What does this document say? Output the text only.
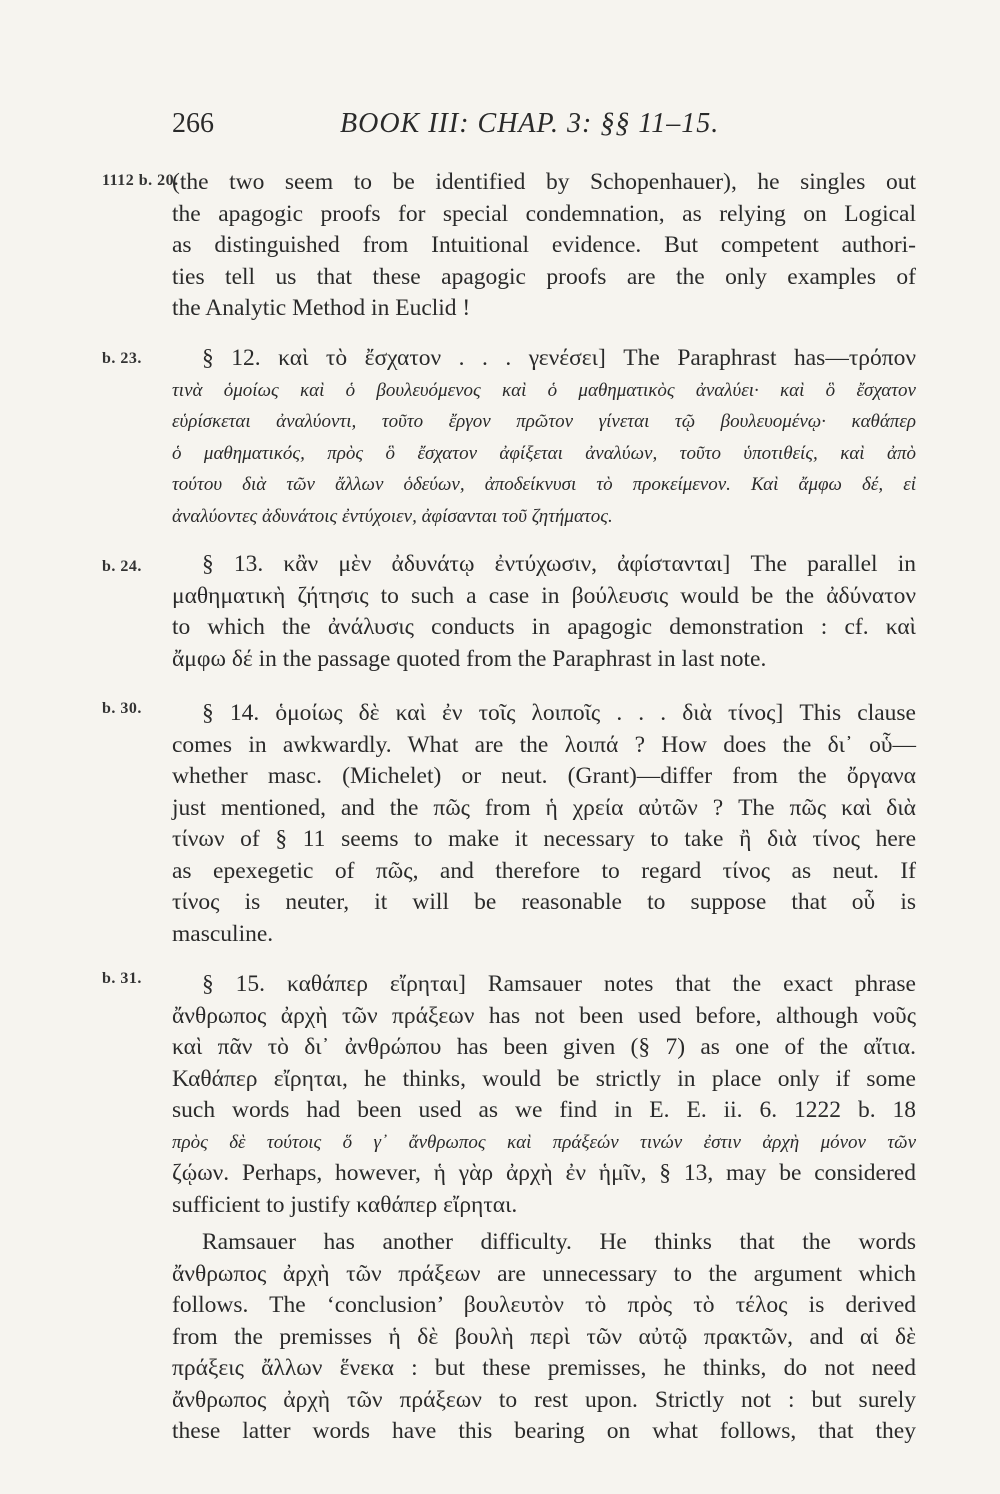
266	BOOK III: CHAP. 3: §§ 11–15.
1112 b. 20.
(the two seem to be identified by Schopenhauer), he singles out
the apagogic proofs for special condemnation, as relying on Logical
as distinguished from Intuitional evidence. But competent authori-
ties tell us that these apagogic proofs are the only examples of
the Analytic Method in Euclid !
b. 23.	§ 12. καὶ τὸ ἔσχατον . . . γενέσει] The Paraphrast has—τρόπον
τινὰ ὁμοίως καὶ ὁ βουλευόμενος καὶ ὁ μαθηματικὸς ἀναλύει· καὶ ὃ ἔσχατον
εὑρίσκεται ἀναλύοντι, τοῦτο ἔργον πρῶτον γίνεται τῷ βουλευομένῳ· καθάπερ
ὁ μαθηματικός, πρὸς ὃ ἔσχατον ἀφίξεται ἀναλύων, τοῦτο ὑποτιθείς, καὶ ἀπὸ
τούτου διὰ τῶν ἄλλων ὁδεύων, ἀποδείκνυσι τὸ προκείμενον. Καὶ ἄμφω δέ, εἰ
ἀναλύοντες ἀδυνάτοις ἐντύχοιεν, ἀφίσανται τοῦ ζητήματος.
b. 24.	§ 13. κἂν μὲν ἀδυνάτῳ ἐντύχωσιν, ἀφίστανται] The parallel in
μαθηματικὴ ζήτησις to such a case in βούλευσις would be the ἀδύνατον
to which the ἀνάλυσις conducts in apagogic demonstration : cf. καὶ
ἄμφω δέ in the passage quoted from the Paraphrast in last note.
b. 30.	§ 14. ὁμοίως δὲ καὶ ἐν τοῖς λοιποῖς . . . διὰ τίνος] This clause
comes in awkwardly. What are the λοιπά ? How does the δι᾽ οὗ—
whether masc. (Michelet) or neut. (Grant)—differ from the ὄργανα
just mentioned, and the πῶς from ἡ χρεία αὐτῶν ? The πῶς καὶ διὰ
τίνων of § 11 seems to make it necessary to take ἢ διὰ τίνος here
as epexegetic of πῶς, and therefore to regard τίνος as neut. If
τίνος is neuter, it will be reasonable to suppose that οὗ is
masculine.
b. 31.	§ 15. καθάπερ εἴρηται] Ramsauer notes that the exact phrase
ἄνθρωπος ἀρχὴ τῶν πράξεων has not been used before, although νοῦς
καὶ πᾶν τὸ δι᾽ ἀνθρώπου has been given (§ 7) as one of the αἴτια.
Καθάπερ εἴρηται, he thinks, would be strictly in place only if some
such words had been used as we find in E. E. ii. 6. 1222 b. 18
πρὸς δὲ τούτοις ὅ γ᾽ ἄνθρωπος καὶ πράξεών τινών ἐστιν ἀρχὴ μόνον τῶν
ζῴων. Perhaps, however, ἡ γὰρ ἀρχὴ ἐν ἡμῖν, § 13, may be considered
sufficient to justify καθάπερ εἴρηται.
Ramsauer has another difficulty. He thinks that the words
ἄνθρωπος ἀρχὴ τῶν πράξεων are unnecessary to the argument which
follows. The ‘conclusion’ βουλευτὸν τὸ πρὸς τὸ τέλος is derived
from the premisses ἡ δὲ βουλὴ περὶ τῶν αὐτῷ πρακτῶν, and αἱ δὲ
πράξεις ἄλλων ἕνεκα : but these premisses, he thinks, do not need
ἄνθρωπος ἀρχὴ τῶν πράξεων to rest upon. Strictly not : but surely
these latter words have this bearing on what follows, that they
